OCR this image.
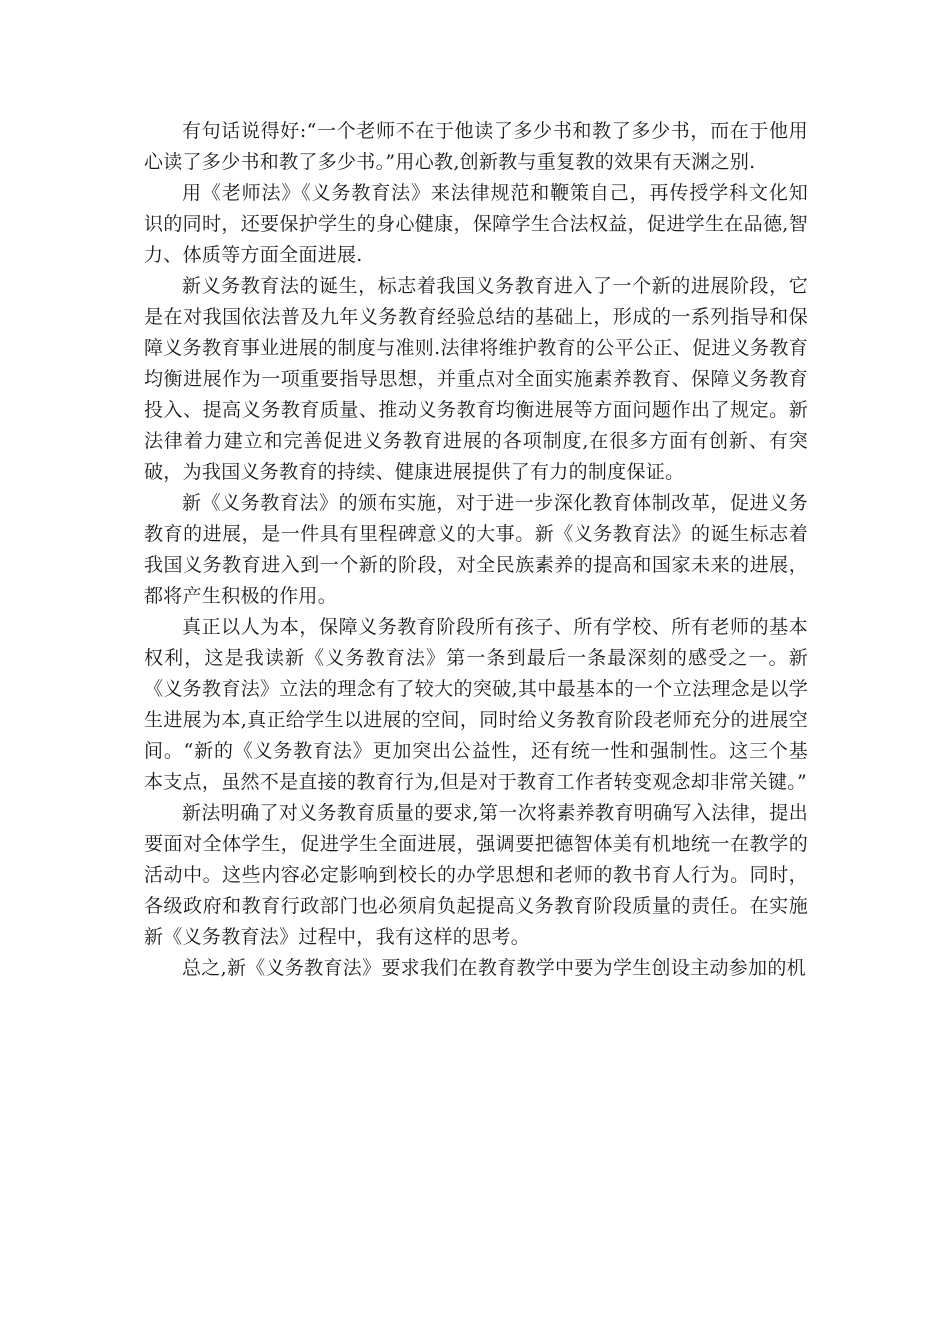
有句话说得好:“一个老师不在于他读了多少书和教了多少书，而在于他用心读了多少书和教了多少书。”用心教,创新教与重复教的效果有天渊之别.

用《老师法》《义务教育法》来法律规范和鞭策自己，再传授学科文化知识的同时，还要保护学生的身心健康，保障学生合法权益，促进学生在品德,智力、体质等方面全面进展.

新义务教育法的诞生，标志着我国义务教育进入了一个新的进展阶段，它是在对我国依法普及九年义务教育经验总结的基础上，形成的一系列指导和保障义务教育事业进展的制度与准则.法律将维护教育的公平公正、促进义务教育均衡进展作为一项重要指导思想，并重点对全面实施素养教育、保障义务教育投入、提高义务教育质量、推动义务教育均衡进展等方面问题作出了规定。新法律着力建立和完善促进义务教育进展的各项制度,在很多方面有创新、有突破，为我国义务教育的持续、健康进展提供了有力的制度保证。

新《义务教育法》的颁布实施，对于进一步深化教育体制改革，促进义务教育的进展，是一件具有里程碑意义的大事。新《义务教育法》的诞生标志着我国义务教育进入到一个新的阶段，对全民族素养的提高和国家未来的进展，都将产生积极的作用。

真正以人为本，保障义务教育阶段所有孩子、所有学校、所有老师的基本权利，这是我读新《义务教育法》第一条到最后一条最深刻的感受之一。新《义务教育法》立法的理念有了较大的突破,其中最基本的一个立法理念是以学生进展为本,真正给学生以进展的空间，同时给义务教育阶段老师充分的进展空间。“新的《义务教育法》更加突出公益性，还有统一性和强制性。这三个基本支点，虽然不是直接的教育行为,但是对于教育工作者转变观念却非常关键。”

新法明确了对义务教育质量的要求,第一次将素养教育明确写入法律，提出要面对全体学生，促进学生全面进展，强调要把德智体美有机地统一在教学的活动中。这些内容必定影响到校长的办学思想和老师的教书育人行为。同时，各级政府和教育行政部门也必须肩负起提高义务教育阶段质量的责任。在实施新《义务教育法》过程中，我有这样的思考。

总之,新《义务教育法》要求我们在教育教学中要为学生创设主动参加的机
